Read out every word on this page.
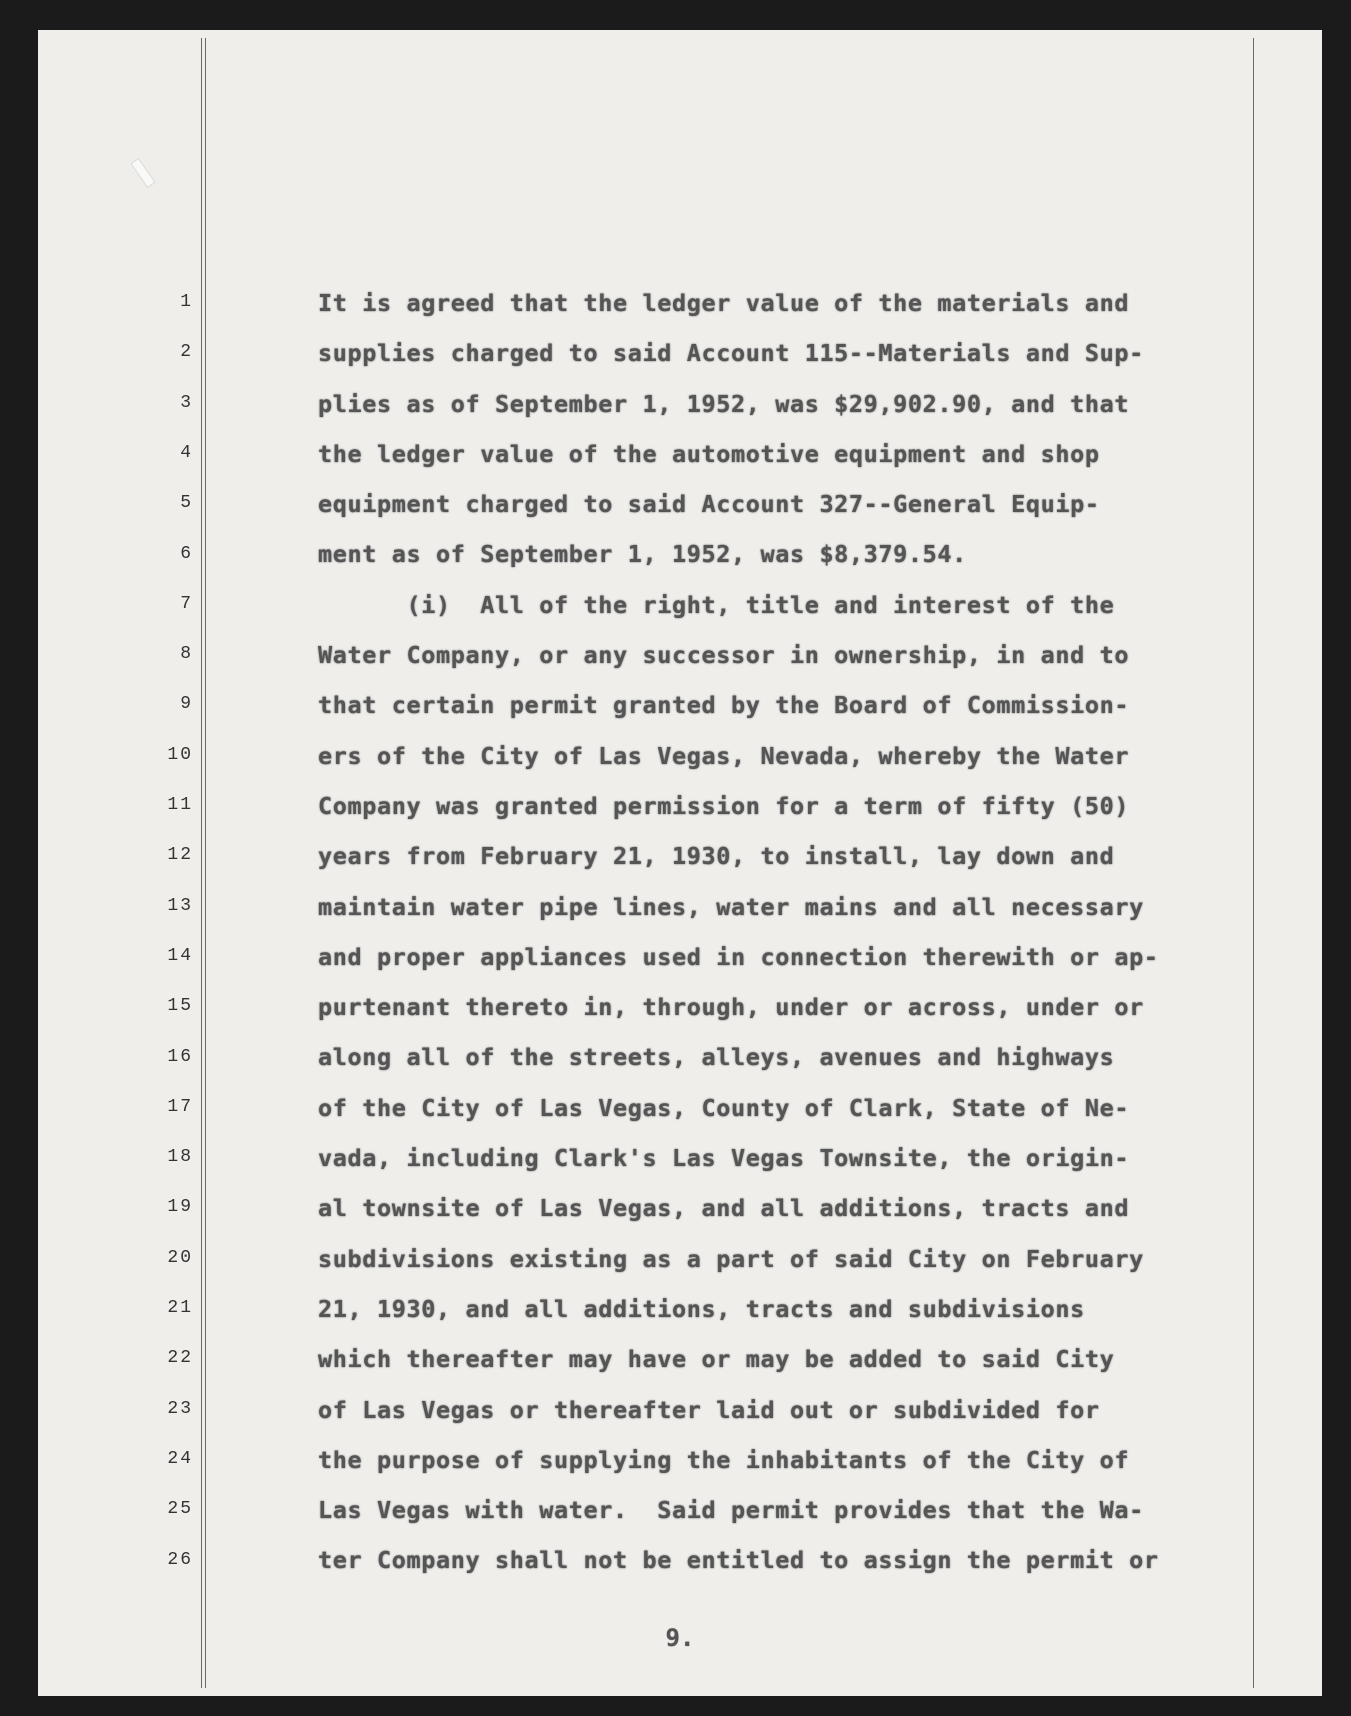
1
2
3
4
5
6
7
8
9
10
11
12
13
14
15
16
17
18
19
20
21
22
23
24
25
26
It is agreed that the ledger value of the materials and
supplies charged to said Account 115--Materials and Sup-
plies as of September 1, 1952, was $29,902.90, and that
the ledger value of the automotive equipment and shop
equipment charged to said Account 327--General Equip-
ment as of September 1, 1952, was $8,379.54.
(i)  All of the right, title and interest of the
Water Company, or any successor in ownership, in and to
that certain permit granted by the Board of Commission-
ers of the City of Las Vegas, Nevada, whereby the Water
Company was granted permission for a term of fifty (50)
years from February 21, 1930, to install, lay down and
maintain water pipe lines, water mains and all necessary
and proper appliances used in connection therewith or ap-
purtenant thereto in, through, under or across, under or
along all of the streets, alleys, avenues and highways
of the City of Las Vegas, County of Clark, State of Ne-
vada, including Clark's Las Vegas Townsite, the origin-
al townsite of Las Vegas, and all additions, tracts and
subdivisions existing as a part of said City on February
21, 1930, and all additions, tracts and subdivisions
which thereafter may have or may be added to said City
of Las Vegas or thereafter laid out or subdivided for
the purpose of supplying the inhabitants of the City of
Las Vegas with water.  Said permit provides that the Wa-
ter Company shall not be entitled to assign the permit or
9.
